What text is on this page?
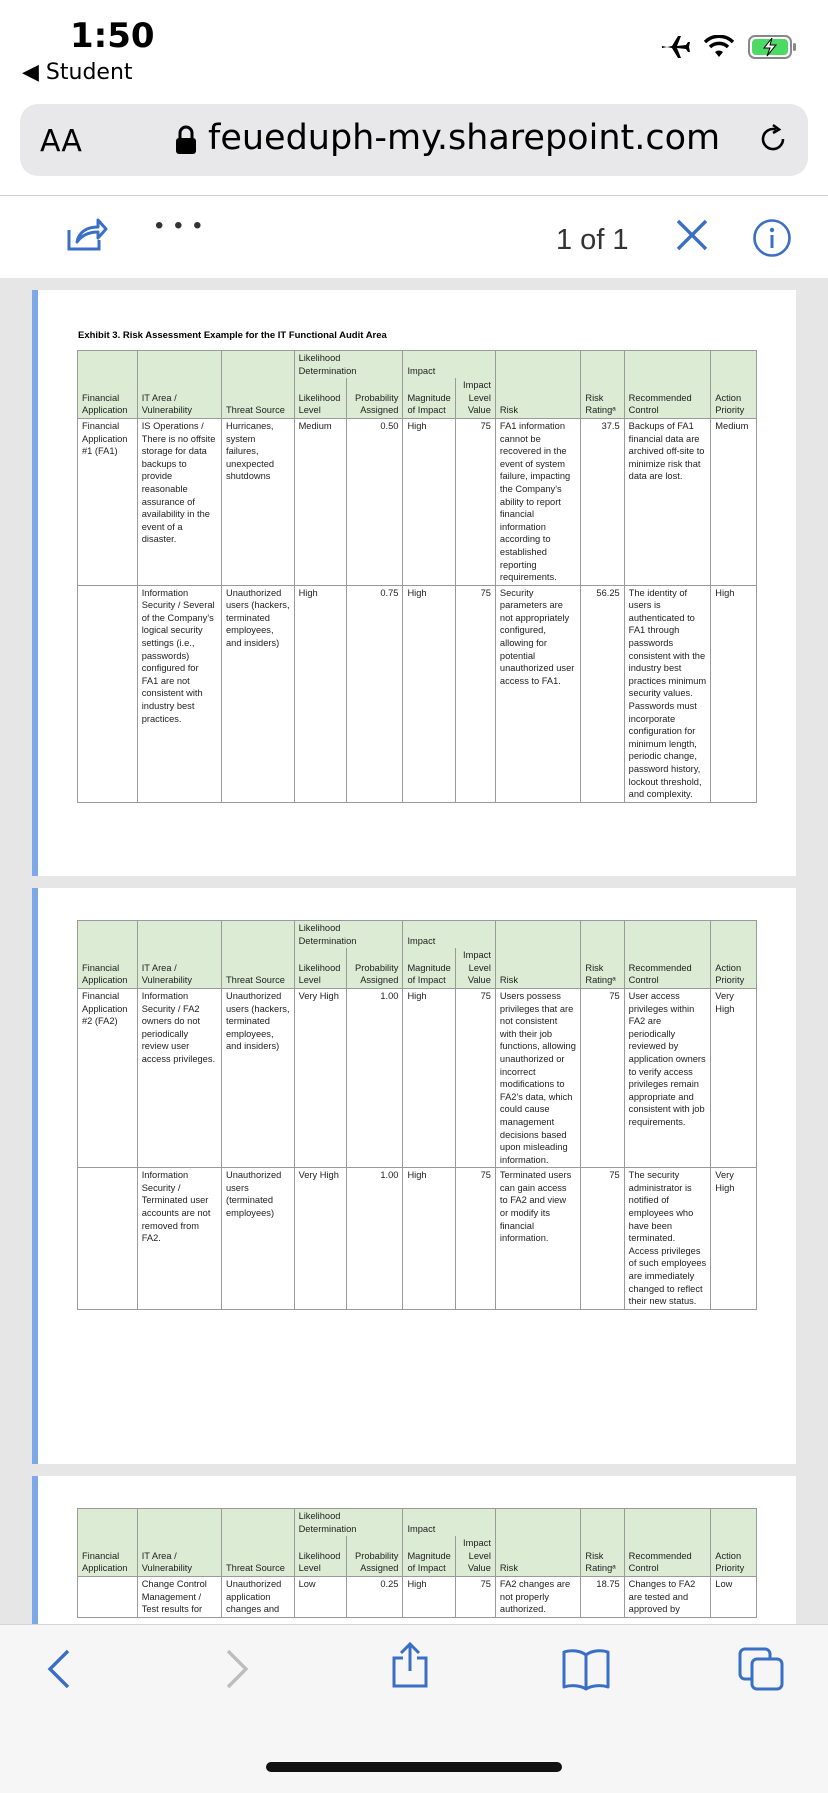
1:50
◀︎ Student
AA	feueduph-my.sharepoint.com
• • •	1 of 1
Exhibit 3. Risk Assessment Example for the IT Functional Audit Area
			Likelihood Determination		Impact					
Financial Application	IT Area / Vulnerability	Threat Source	Likelihood Level	Probability Assigned	Magnitude of Impact	Impact Level Value	Risk	Risk Ratingᵃ	Recommended Control	Action Priority
Financial Application #1 (FA1)	IS Operations / There is no offsite storage for data backups to provide reasonable assurance of availability in the event of a disaster.	Hurricanes, system failures, unexpected shutdowns	Medium	0.50	High	75	FA1 information cannot be recovered in the event of system failure, impacting the Company's ability to report financial information according to established reporting requirements.	37.5	Backups of FA1 financial data are archived off-site to minimize risk that data are lost.	Medium
	Information Security / Several of the Company's logical security settings (i.e., passwords) configured for FA1 are not consistent with industry best practices.	Unauthorized users (hackers, terminated employees, and insiders)	High	0.75	High	75	Security parameters are not appropriately configured, allowing for potential unauthorized user access to FA1.	56.25	The identity of users is authenticated to FA1 through passwords consistent with the industry best practices minimum security values. Passwords must incorporate configuration for minimum length, periodic change, password history, lockout threshold, and complexity.	High
			Likelihood Determination		Impact					
Financial Application	IT Area / Vulnerability	Threat Source	Likelihood Level	Probability Assigned	Magnitude of Impact	Impact Level Value	Risk	Risk Ratingᵃ	Recommended Control	Action Priority
Financial Application #2 (FA2)	Information Security / FA2 owners do not periodically review user access privileges.	Unauthorized users (hackers, terminated employees, and insiders)	Very High	1.00	High	75	Users possess privileges that are not consistent with their job functions, allowing unauthorized or incorrect modifications to FA2's data, which could cause management decisions based upon misleading information.	75	User access privileges within FA2 are periodically reviewed by application owners to verify access privileges remain appropriate and consistent with job requirements.	Very High
	Information Security / Terminated user accounts are not removed from FA2.	Unauthorized users (terminated employees)	Very High	1.00	High	75	Terminated users can gain access to FA2 and view or modify its financial information.	75	The security administrator is notified of employees who have been terminated. Access privileges of such employees are immediately changed to reflect their new status.	Very High
			Likelihood Determination		Impact					
Financial Application	IT Area / Vulnerability	Threat Source	Likelihood Level	Probability Assigned	Magnitude of Impact	Impact Level Value	Risk	Risk Ratingᵃ	Recommended Control	Action Priority
	Change Control Management / Test results for	Unauthorized application changes and	Low	0.25	High	75	FA2 changes are not properly authorized.	18.75	Changes to FA2 are tested and approved by	Low
